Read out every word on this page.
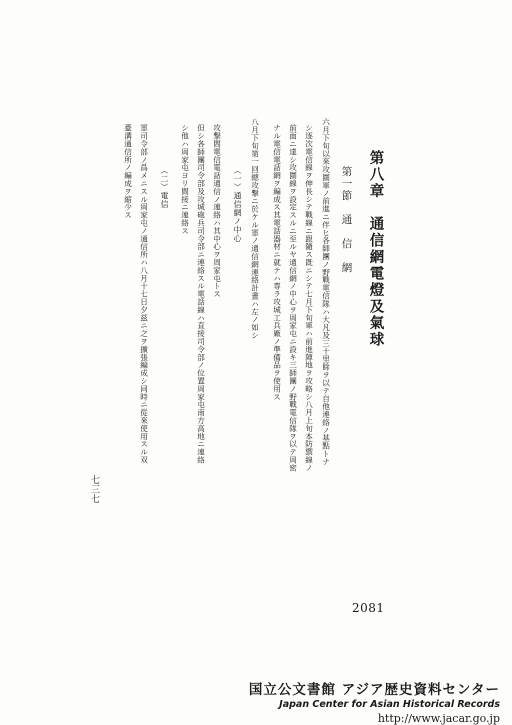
第八章　通信網電燈及氣球
第一節　通　信　網
六月下旬以來攻圍軍ノ前進ニ伴ヒ各師團ノ野戰電信隊ハ大凡及三十里餘ヲ以テ自他連絡ノ基點トナ
シ逐次電信線ヲ伸長シテ戰線ニ跟隨ス既ニシテ七月下旬軍ハ前進陣地ヲ攻略シ八月上旬本防禦線ノ
前面ニ達シ攻圍線ヲ設定スルニ至ルヤ通信網ノ中心ヲ周家屯ニ設キ三師團ノ野戰電信隊ヲ以テ周密
ナル電信電話網ヲ編成ス其電話器材ニ就テハ専ラ攻城工兵廠ノ準備品ヲ使用ス
八月下旬第一回總攻撃ニ於ケル軍ノ通信網連絡計畫ハ左ノ如シ
（一）通信網ノ中心
攻撃間電信電話通信ノ連絡ハ其中心ヲ周家屯トス
但シ各師團司令部及攻城砲兵司令部ニ連絡スル電話線ハ直接司令部ノ位置周家屯南方高地ニ連絡
シ他ハ周家屯ヨリ間接ニ連絡ス
（二）電信
軍司令部ノ爲メニスル周家屯ノ通信所ハ八月十七日夕茲ニ之ヲ擴張編成シ同時ニ從來使用スル双
臺溝通信所ノ編成ヲ縮少ス
七三七
2081
国立公文書館 アジア歴史資料センター
Japan Center for Asian Historical Records
http://www.jacar.go.jp
